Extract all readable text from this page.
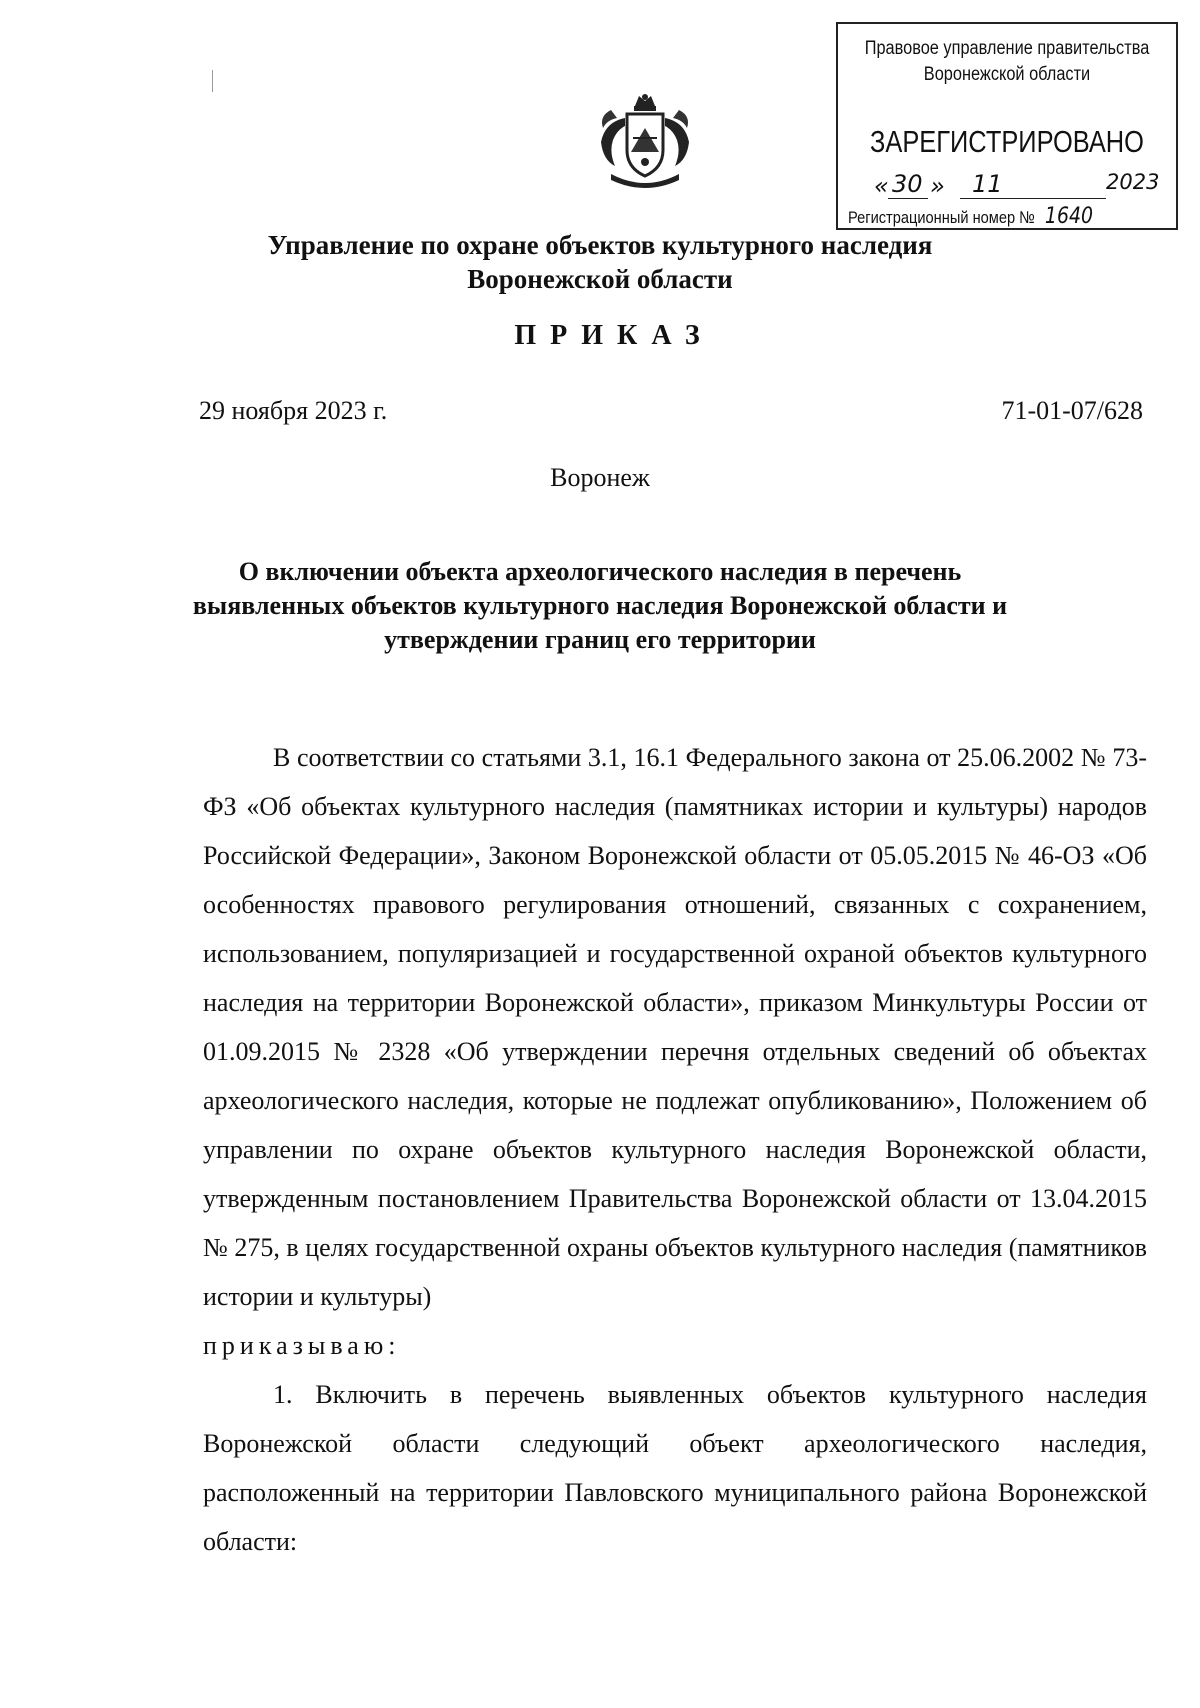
Правовое управление правительства
Воронежской области
ЗАРЕГИСТРИРОВАНО
« 30 » 11	2023
Регистрационный номер № 1640
Управление по охране объектов культурного наследия
Воронежской области
ПРИКАЗ
29 ноября 2023 г.	71-01-07/628
Воронеж
О включении объекта археологического наследия в перечень
выявленных объектов культурного наследия Воронежской области и
утверждении границ его территории

В соответствии со статьями 3.1, 16.1 Федерального закона от 25.06.2002 № 73-ФЗ «Об объектах культурного наследия (памятниках истории и культуры) народов Российской Федерации», Законом Воронежской области от 05.05.2015 № 46-ОЗ «Об особенностях правового регулирования отношений, связанных с сохранением, использованием, популяризацией и государственной охраной объектов культурного наследия на территории Воронежской области», приказом Минкультуры России от 01.09.2015 № 2328 «Об утверждении перечня отдельных сведений об объектах археологического наследия, которые не подлежат опубликованию», Положением об управлении по охране объектов культурного наследия Воронежской области, утвержденным постановлением Правительства Воронежской области от 13.04.2015 № 275, в целях государственной охраны объектов культурного наследия (памятников истории и культуры)

приказываю:

1. Включить в перечень выявленных объектов культурного наследия Воронежской области следующий объект археологического наследия, расположенный на территории Павловского муниципального района Воронежской области:
